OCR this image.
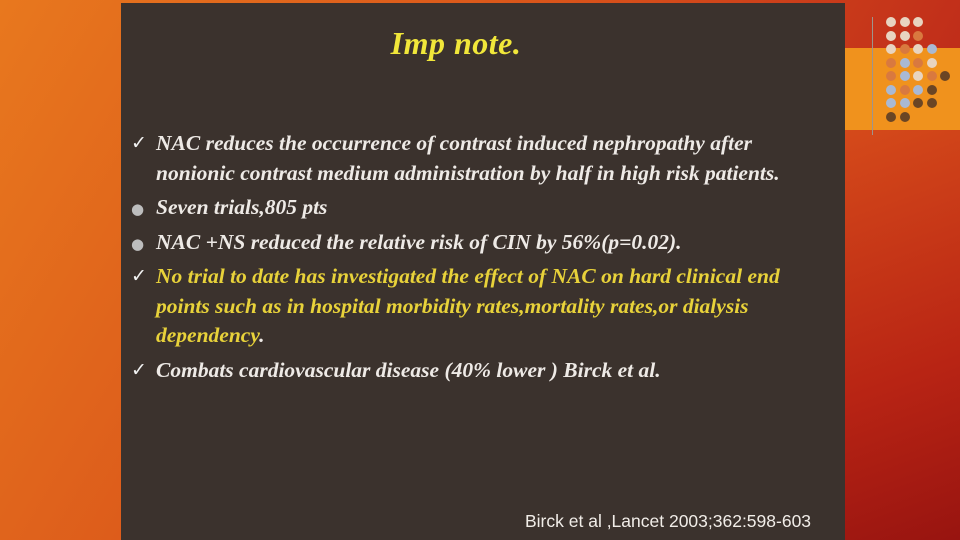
Imp note.
✓ NAC reduces the occurrence of contrast induced nephropathy after nonionic contrast medium administration by half in high risk patients.
● Seven trials,805 pts
● NAC +NS reduced the relative risk of CIN by 56%(p=0.02).
✓ No trial to date has investigated the effect of NAC on hard clinical end points such as in hospital morbidity rates,mortality rates,or dialysis dependency.
✓ Combats cardiovascular disease (40% lower ) Birck et al.
Birck et al ,Lancet 2003;362:598-603
